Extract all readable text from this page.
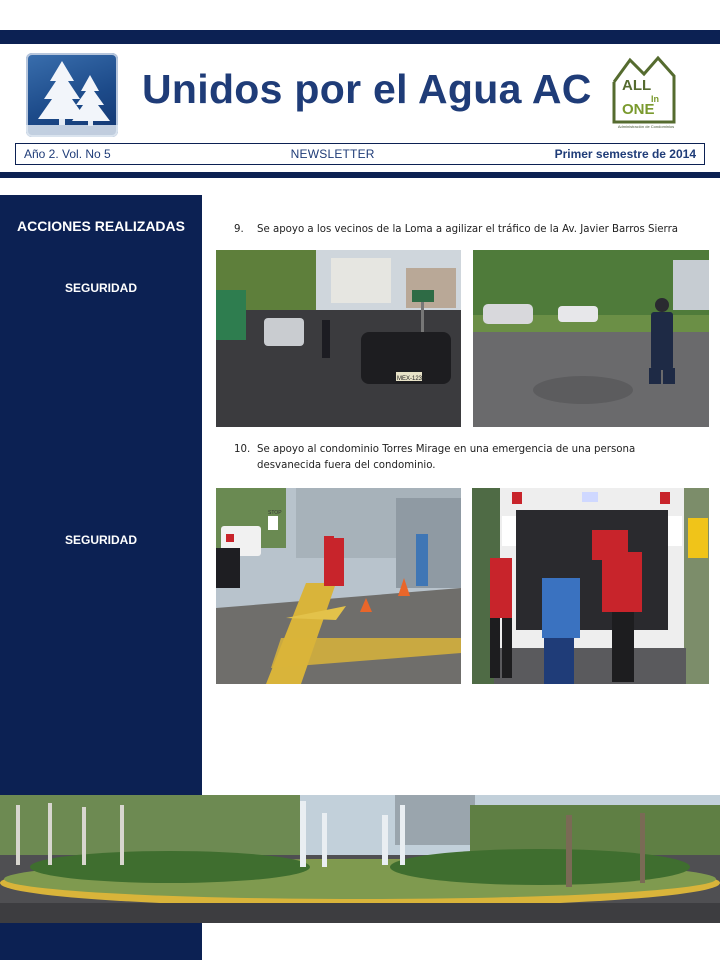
Unidos por el Agua AC ALL
In
ONE
Administración de Condominios
Año 2. Vol. No 5	NEWSLETTER	Primer semestre de 2014
ACCIONES REALIZADAS
SEGURIDAD
SEGURIDAD
9. Se apoyo a los vecinos de la Loma a agilizar el tráfico de la Av. Javier Barros Sierra
MEX-1234
10. Se apoyo al condominio Torres Mirage en una emergencia de una persona
desvanecida fuera del condominio.
STOP
